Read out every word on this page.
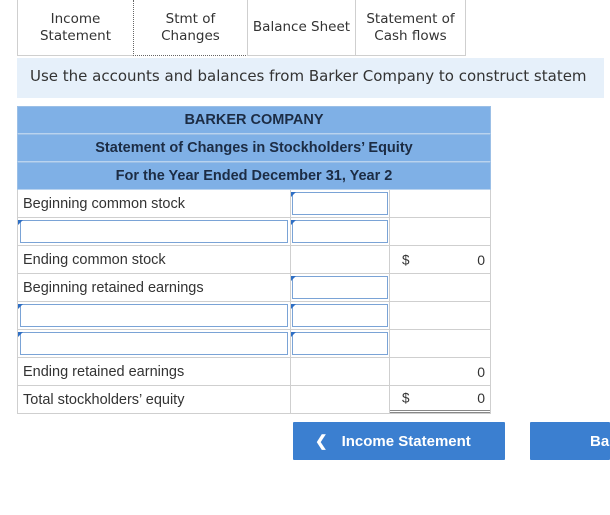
Income
Statement
Stmt of
Changes
Balance Sheet
Statement of
Cash flows
Use the accounts and balances from Barker Company to construct statem
BARKER COMPANY
Statement of Changes in Stockholders’ Equity
For the Year Ended December 31, Year 2
Beginning common stock
Ending common stock	$	0
Beginning retained earnings
Ending retained earnings	0
Total stockholders’ equity	$	0
❮ Income Statement	Ba
